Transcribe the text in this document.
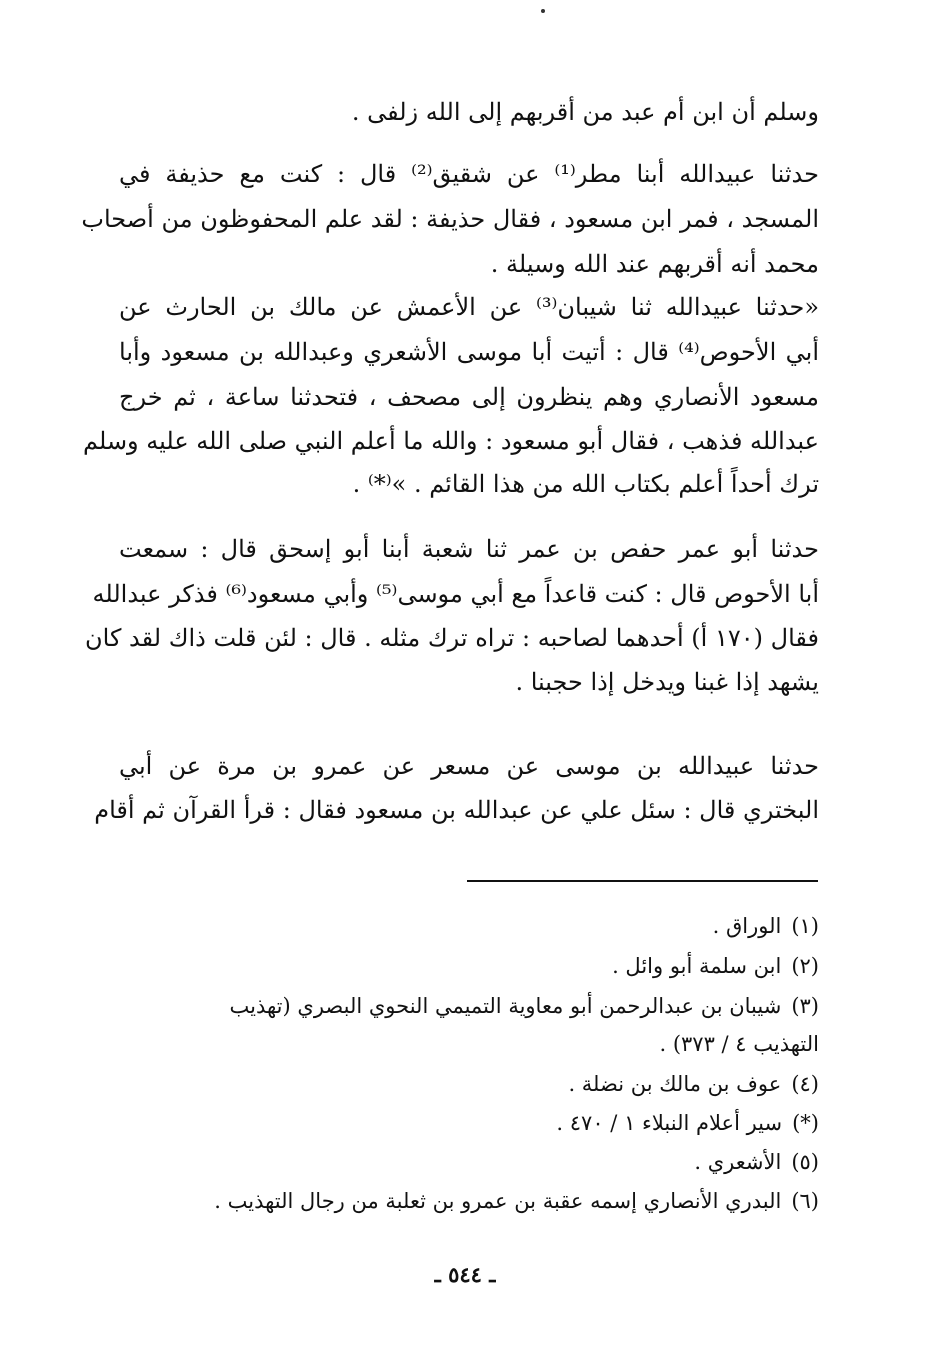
وسلم أن ابن أم عبد من أقربهم إلى الله زلفى .
حدثنا عبيدالله أبنا مطر⁽¹⁾ عن شقيق⁽²⁾ قال : كنت مع حذيفة في
المسجد ، فمر ابن مسعود ، فقال حذيفة : لقد علم المحفوظون من أصحاب
محمد أنه أقربهم عند الله وسيلة .
«حدثنا عبيدالله ثنا شيبان⁽³⁾ عن الأعمش عن مالك بن الحارث عن
أبي الأحوص⁽⁴⁾ قال : أتيت أبا موسى الأشعري وعبدالله بن مسعود وأبا
مسعود الأنصاري وهم ينظرون إلى مصحف ، فتحدثنا ساعة ، ثم خرج
عبدالله فذهب ، فقال أبو مسعود : والله ما أعلم النبي صلى الله عليه وسلم
ترك أحداً أعلم بكتاب الله من هذا القائم . »⁽*⁾ .
حدثنا أبو عمر حفص بن عمر ثنا شعبة أبنا أبو إسحق قال : سمعت
أبا الأحوص قال : كنت قاعداً مع أبي موسى⁽⁵⁾ وأبي مسعود⁽⁶⁾ فذكر عبدالله
فقال (١٧٠ أ) أحدهما لصاحبه : تراه ترك مثله . قال : لئن قلت ذاك لقد كان
يشهد إذا غبنا ويدخل إذا حجبنا .
حدثنا عبيدالله بن موسى عن مسعر عن عمرو بن مرة عن أبي
البختري قال : سئل علي عن عبدالله بن مسعود فقال : قرأ القرآن ثم أقام
(١)الوراق .
(٢)ابن سلمة أبو وائل .
(٣)شيبان بن عبدالرحمن أبو معاوية التميمي النحوي البصري (تهذيب
التهذيب ٤ / ٣٧٣) .
(٤)عوف بن مالك بن نضلة .
(*)سير أعلام النبلاء ١ / ٤٧٠ .
(٥)الأشعري .
(٦)البدري الأنصاري إسمه عقبة بن عمرو بن ثعلبة من رجال التهذيب .
ـ ٥٤٤ ـ
